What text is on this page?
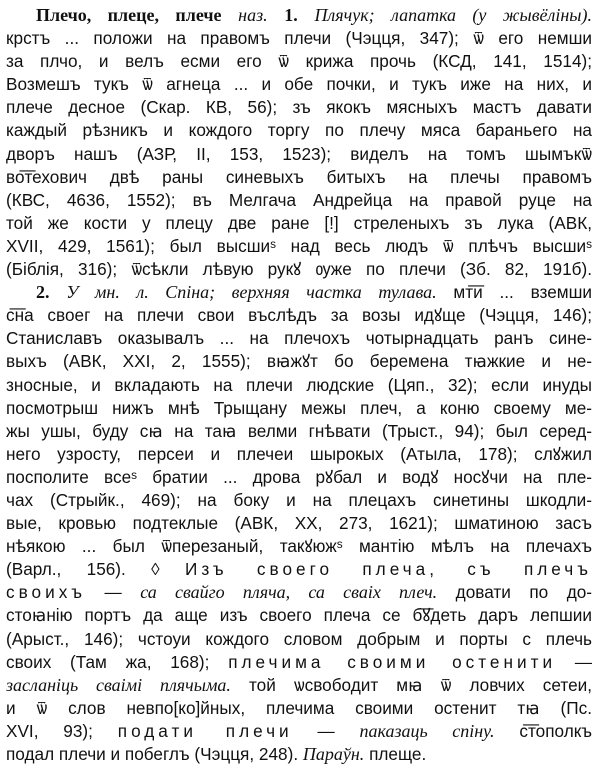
Плечо, плеце, плече наз. 1. Плячук; лапатка (у жывёліны).
крстъ ... положи на правомъ плечи (Чэцця, 347); ѿ его немши
за плчо, и велъ есми его ѿ крижа прочь (КСД, 141, 1514);
Возмешъ тукъ ѿ агнеца ... и обе почки, и тукъ иже на них, и
плече десное (Скар. КВ, 56); зъ якокъ мясныхъ мастъ давати
каждый рѣзникъ и кождого торгу по плечу мяса бараньего на
дворъ нашъ (АЗР, II, 153, 1523); виделъ на томъ шымъкѿ
во͞техович двѣ раны синевыхъ битыхъ на плечы правомъ
(КВС, 4636, 1552); въ Мелгача Андрейца на правой руце на
той же кости у плецу две ране [!] стреленыхъ зъ лука (АВК,
XVII, 429, 1561); был высшиˢ над весь людъ ѿ плѣчъ высшиˢ
(Біблія, 316); ѿсѣкли лѣвую рукꙋ ѹже по плечи (Зб. 82, 191б).
2. У мн. л. Спіна; верхняя частка тулава. мт͞и ... вземши
с͞на своег на плечи свои въслѣдъ за возы идꙋще (Чэцця, 146);
Станиславъ оказывалъ ... на плечохъ чотырнадцать ранъ сине-
выхъ (АВК, XXI, 2, 1555); вꙗжꙋт бо беремена тꙗжкие и не-
зносные, и вкладають на плечи людские (Цяп., 32); если инуды
посмотрыш нижъ мнѣ Трыщану межы плеч, а коню своему ме-
жы ушы, буду сꙗ на таꙗ велми гнѣвати (Трыст., 94); был серед-
него узросту, персеи и плечеи шырокых (Атыла, 178); слꙋжил
посполите всеˢ братии ... дрова рꙋбал и водꙋ носꙋчи на пле-
чах (Стрыйк., 469); на боку и на плецахъ синетины шкодли-
вые, кровью подтеклые (АВК, XX, 273, 1621); шматиною засъ
нѣякою ... был ѿперезаный, такꙋюжˢ мантію мѣлъ на плечахъ
(Варл., 156). ◊ Изъ своего плеча, съ плечъ
своихъ — са свайго пляча, са сваіх плеч. довати по до-
стоꙗнію портъ да аще изъ своего плеча се б͞ꙋдеть даръ лепшии
(Арыст., 146); чстоуи кождого словом добрым и порты с плечь
своих (Там жа, 168); плечима своими остенити —
засланіць сваімі плячыма. той ѡсвободит мꙗ ѿ ловчих сетеи,
и ѿ слов невпо[ко]йных, плечима своими остенит тꙗ (Пс.
XVI, 93); подати плечи — паказаць спіну. с͞тополкъ
подал плечи и побеглъ (Чэцця, 248). Параўн. плеще.
